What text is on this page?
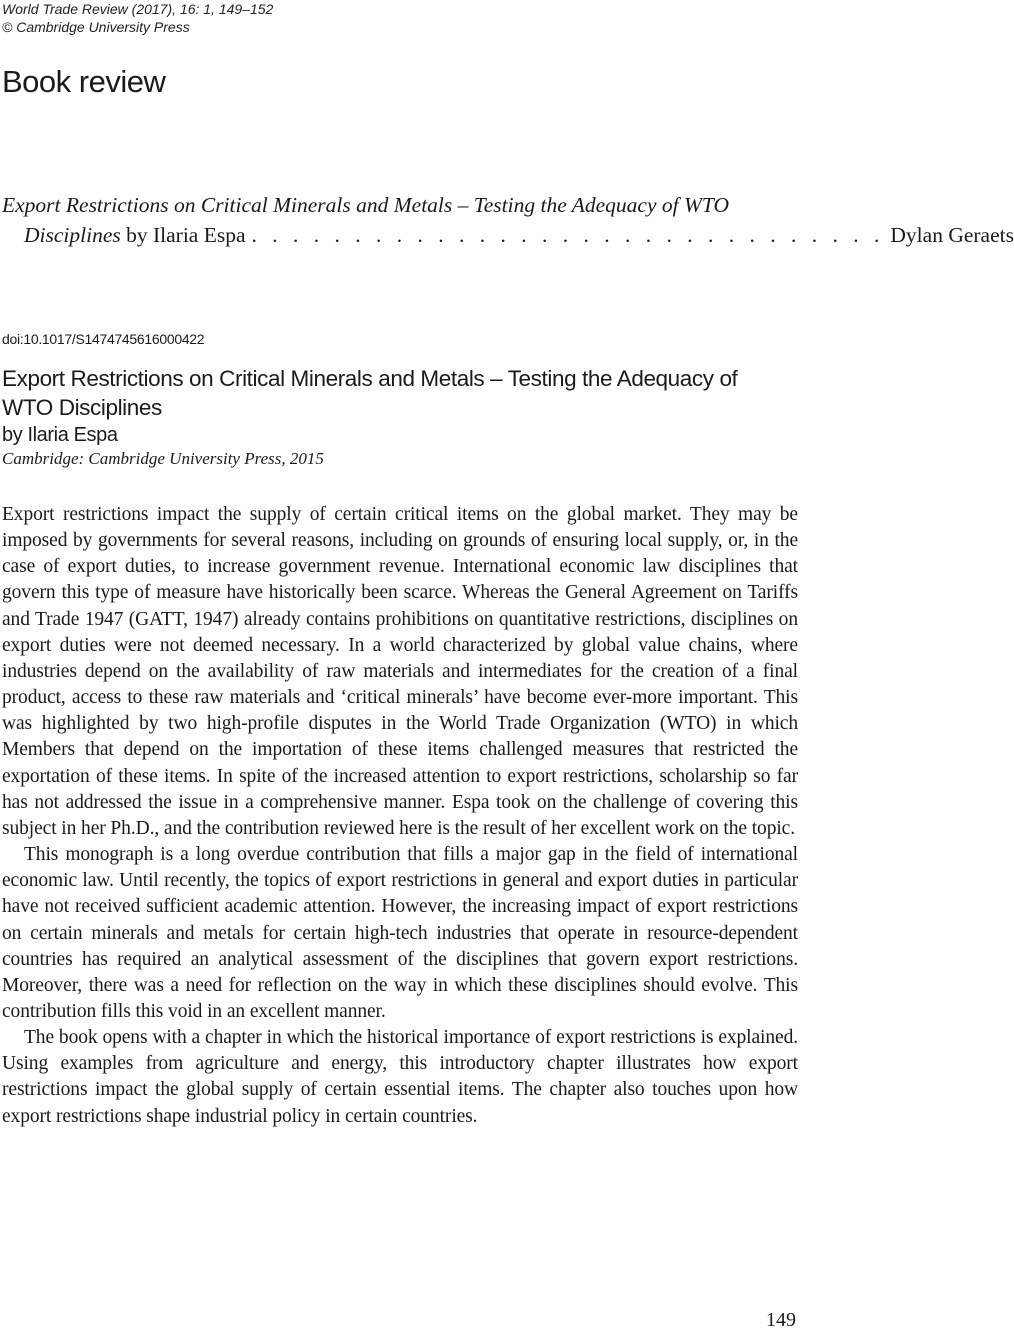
World Trade Review (2017), 16: 1, 149–152
© Cambridge University Press
Book review
Export Restrictions on Critical Minerals and Metals – Testing the Adequacy of WTO
Disciplines
by Ilaria Espa . . . . . . . . . . . . . . . . . . . . . . . . . . . . . . . Dylan Geraets
doi:10.1017/S1474745616000422
Export Restrictions on Critical Minerals and Metals – Testing the Adequacy of WTO Disciplines
by Ilaria Espa
Cambridge: Cambridge University Press, 2015

Export restrictions impact the supply of certain critical items on the global market. They may be imposed by governments for several reasons, including on grounds of ensuring local supply, or, in the case of export duties, to increase government revenue. International economic law disciplines that govern this type of measure have historically been scarce. Whereas the General Agreement on Tariffs and Trade 1947 (GATT, 1947) already contains prohibitions on quantitative restrictions, disciplines on export duties were not deemed necessary. In a world characterized by global value chains, where industries depend on the availability of raw materials and intermediates for the creation of a final product, access to these raw materials and ‘critical minerals’ have become ever-more important. This was highlighted by two high-profile disputes in the World Trade Organization (WTO) in which Members that depend on the importation of these items challenged measures that restricted the exportation of these items. In spite of the increased attention to export restrictions, scholarship so far has not addressed the issue in a comprehensive manner. Espa took on the challenge of covering this subject in her Ph.D., and the contribution reviewed here is the result of her excellent work on the topic.

This monograph is a long overdue contribution that fills a major gap in the field of international economic law. Until recently, the topics of export restrictions in general and export duties in particular have not received sufficient academic attention. However, the increasing impact of export restrictions on certain minerals and metals for certain high-tech industries that operate in resource-dependent countries has required an analytical assessment of the disciplines that govern export restrictions. Moreover, there was a need for reflection on the way in which these disciplines should evolve. This contribution fills this void in an excellent manner.

The book opens with a chapter in which the historical importance of export restrictions is explained. Using examples from agriculture and energy, this introductory chapter illustrates how export restrictions impact the global supply of certain essential items. The chapter also touches upon how export restrictions shape industrial policy in certain countries.

149
